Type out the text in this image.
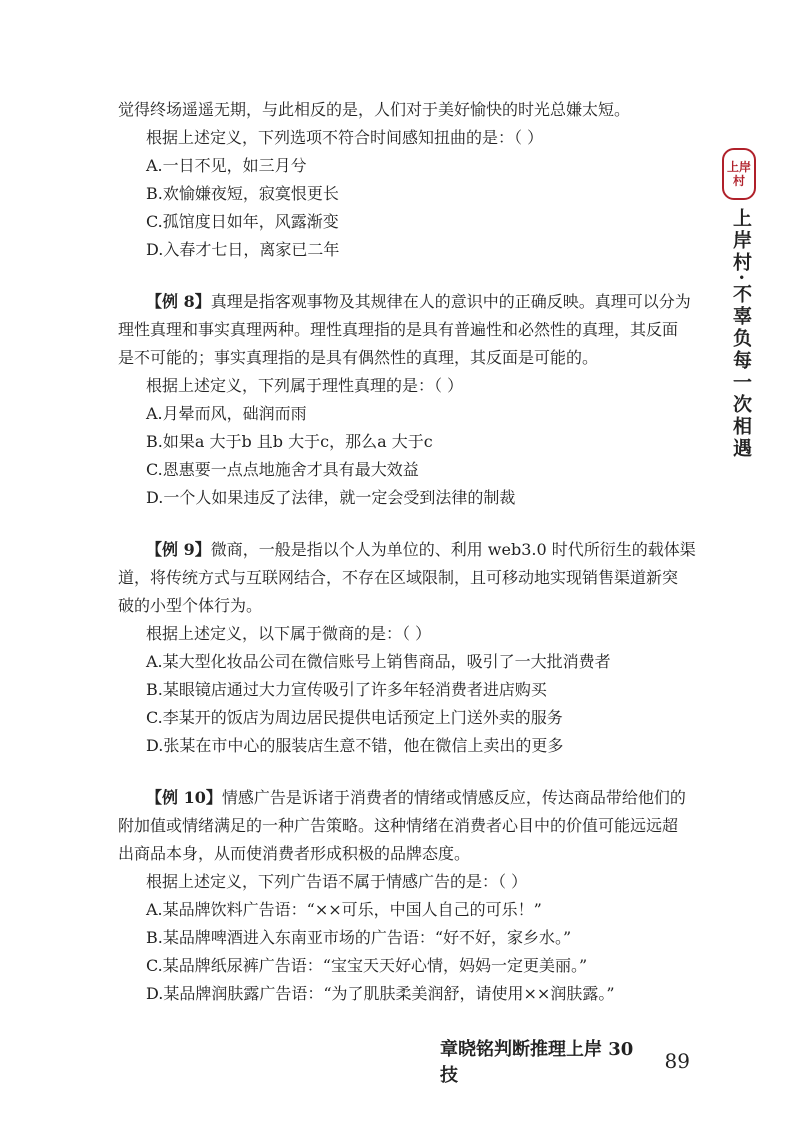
觉得终场遥遥无期，与此相反的是，人们对于美好愉快的时光总嫌太短。
根据上述定义，下列选项不符合时间感知扭曲的是：（ ）
A.一日不见，如三月兮
B.欢愉嫌夜短，寂寞恨更长
C.孤馆度日如年，风露渐变
D.入春才七日，离家已二年
【例 8】真理是指客观事物及其规律在人的意识中的正确反映。真理可以分为
理性真理和事实真理两种。理性真理指的是具有普遍性和必然性的真理，其反面
是不可能的；事实真理指的是具有偶然性的真理，其反面是可能的。
根据上述定义，下列属于理性真理的是：（ ）
A.月晕而风，础润而雨
B.如果a 大于b 且b 大于c，那么a 大于c
C.恩惠要一点点地施舍才具有最大效益
D.一个人如果违反了法律，就一定会受到法律的制裁
【例 9】微商，一般是指以个人为单位的、利用 web3.0 时代所衍生的载体渠
道，将传统方式与互联网结合，不存在区域限制，且可移动地实现销售渠道新突
破的小型个体行为。
根据上述定义，以下属于微商的是：（ ）
A.某大型化妆品公司在微信账号上销售商品，吸引了一大批消费者
B.某眼镜店通过大力宣传吸引了许多年轻消费者进店购买
C.李某开的饭店为周边居民提供电话预定上门送外卖的服务
D.张某在市中心的服装店生意不错，他在微信上卖出的更多
【例 10】情感广告是诉诸于消费者的情绪或情感反应，传达商品带给他们的
附加值或情绪满足的一种广告策略。这种情绪在消费者心目中的价值可能远远超
出商品本身，从而使消费者形成积极的品牌态度。
根据上述定义，下列广告语不属于情感广告的是：（ ）
A.某品牌饮料广告语：“××可乐，中国人自己的可乐！”
B.某品牌啤酒进入东南亚市场的广告语：“好不好，家乡水。”
C.某品牌纸尿裤广告语：“宝宝天天好心情，妈妈一定更美丽。”
D.某品牌润肤露广告语：“为了肌肤柔美润舒，请使用××润肤露。”
上岸
村
上岸村·不辜负每一次相遇
章晓铭判断推理上岸 30 技
89
